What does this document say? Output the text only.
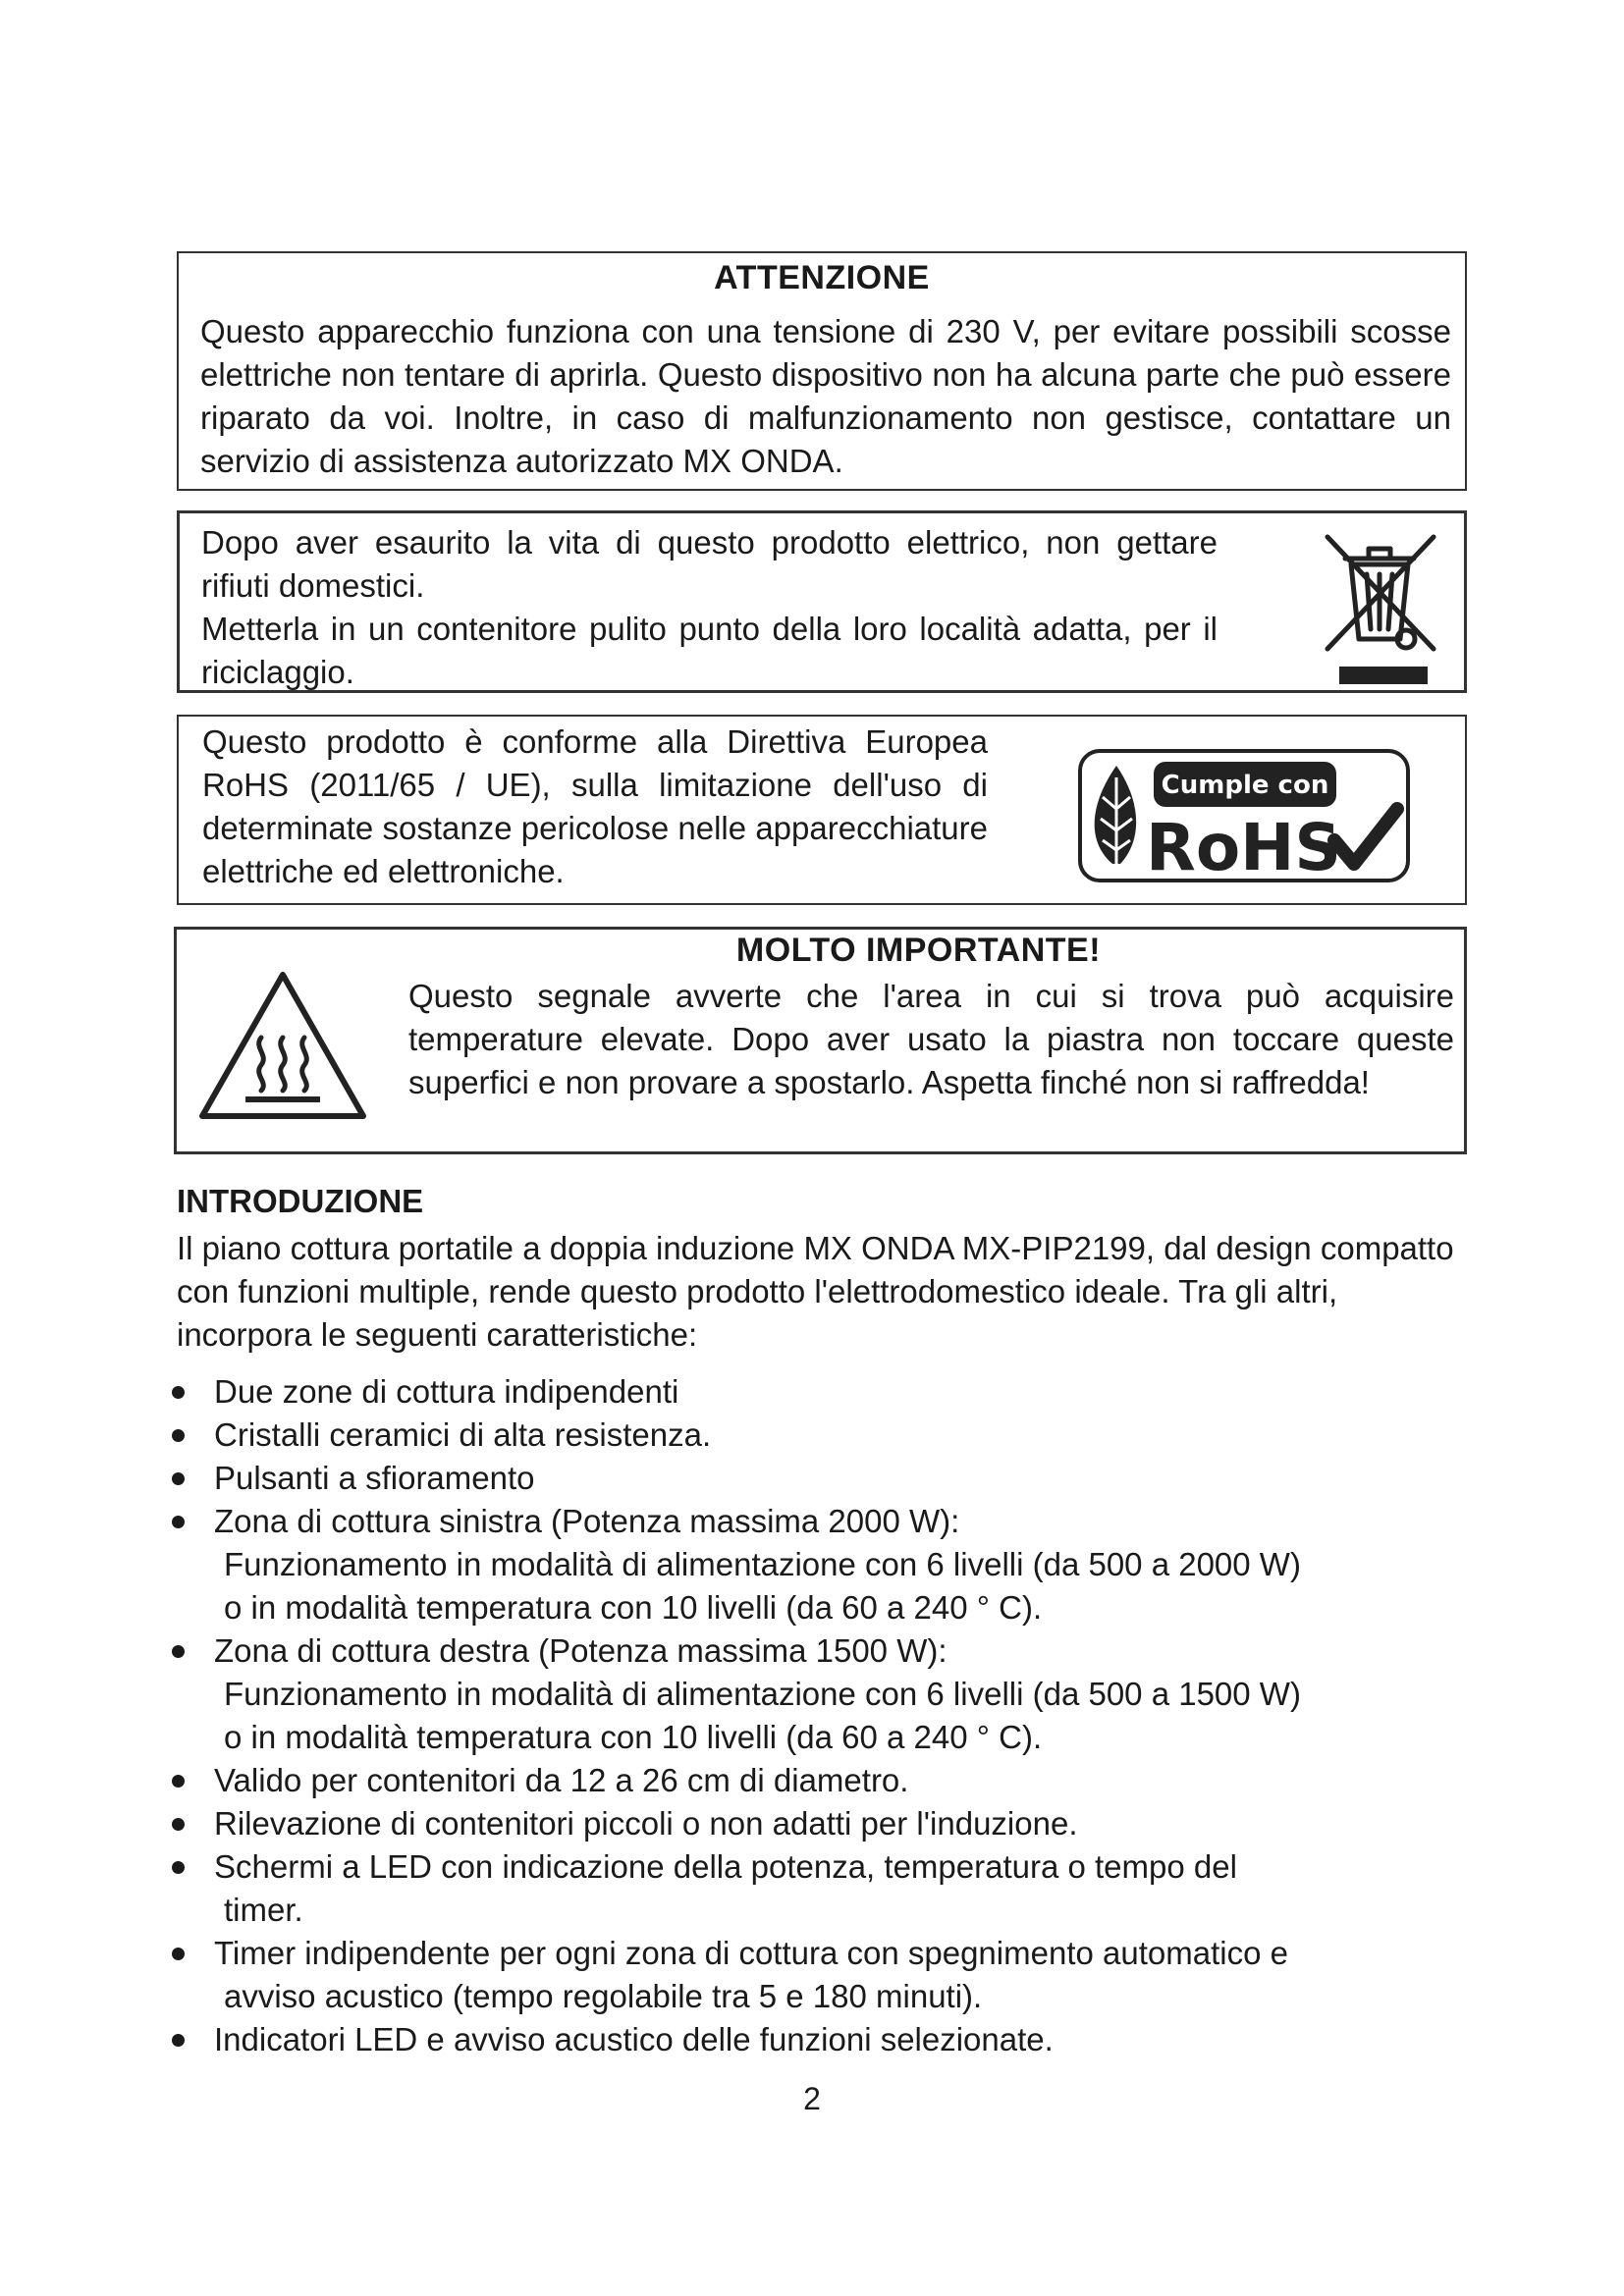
ATTENZIONE
Questo apparecchio funziona con una tensione di 230 V, per evitare possibili scosse elettriche non tentare di aprirla. Questo dispositivo non ha alcuna parte che può essere riparato da voi. Inoltre, in caso di malfunzionamento non gestisce, contattare un servizio di assistenza autorizzato MX ONDA.
Dopo aver esaurito la vita di questo prodotto elettrico, non gettare rifiuti domestici.
Metterla in un contenitore pulito punto della loro località adatta, per il riciclaggio.
Questo prodotto è conforme alla Direttiva Europea RoHS (2011/65 / UE), sulla limitazione dell'uso di determinate sostanze pericolose nelle apparecchiature elettriche ed elettroniche.
Cumple con
RoHS
MOLTO IMPORTANTE!
Questo segnale avverte che l'area in cui si trova può acquisire temperature elevate. Dopo aver usato la piastra non toccare queste superfici e non provare a spostarlo. Aspetta finché non si raffredda!
INTRODUZIONE
Il piano cottura portatile a doppia induzione MX ONDA MX-PIP2199, dal design compatto con funzioni multiple, rende questo prodotto l'elettrodomestico ideale. Tra gli altri, incorpora le seguenti caratteristiche:
Due zone di cottura indipendenti
Cristalli ceramici di alta resistenza.
Pulsanti a sfioramento
Zona di cottura sinistra (Potenza massima 2000 W):
Funzionamento in modalità di alimentazione con 6 livelli (da 500 a 2000 W)
o in modalità temperatura con 10 livelli (da 60 a 240 ° C).
Zona di cottura destra (Potenza massima 1500 W):
Funzionamento in modalità di alimentazione con 6 livelli (da 500 a 1500 W)
o in modalità temperatura con 10 livelli (da 60 a 240 ° C).
Valido per contenitori da 12 a 26 cm di diametro.
Rilevazione di contenitori piccoli o non adatti per l'induzione.
Schermi a LED con indicazione della potenza, temperatura o tempo del
timer.
Timer indipendente per ogni zona di cottura con spegnimento automatico e
avviso acustico (tempo regolabile tra 5 e 180 minuti).
Indicatori LED e avviso acustico delle funzioni selezionate.
2
